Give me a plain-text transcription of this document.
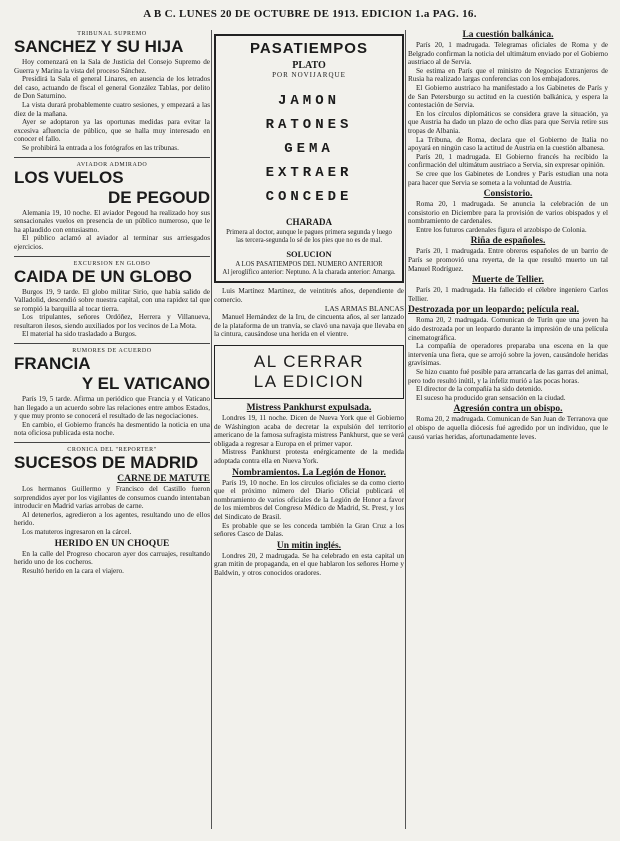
A B C. LUNES 20 DE OCTUBRE DE 1913. EDICION 1.a PAG. 16.
TRIBUNAL SUPREMO
SANCHEZ Y SU HIJA

Hoy comenzará en la Sala de Justicia del Consejo Supremo de Guerra y Marina la vista del proceso Sánchez.

Presidirá la Sala el general Linares, en ausencia de los letrados del caso, actuando de fiscal el general González Tablas, por delito de Don Saturnino.

La vista durará probablemente cuatro sesiones, y empezará a las diez de la mañana.

Ayer se adoptaron ya las oportunas medidas para evitar la excesiva afluencia de público, que se halla muy interesado en conocer el fallo.

Se prohibirá la entrada a los fotógrafos en las tribunas.

AVIADOR ADMIRADO
LOS VUELOS
DE PEGOUD

Alemania 19, 10 noche. El aviador Pegoud ha realizado hoy sus sensacionales vuelos en presencia de un público numeroso, que le ha aplaudido con entusiasmo.

El público aclamó al aviador al terminar sus arriesgados ejercicios.

EXCURSION EN GLOBO
CAIDA DE UN GLOBO

Burgos 19, 9 tarde. El globo militar Sirio, que había salido de Valladolid, descendió sobre nuestra capital, con una rapidez tal que se rompió la barquilla al tocar tierra.

Los tripulantes, señores Ordóñez, Herrera y Villanueva, resultaron ilesos, siendo auxiliados por los vecinos de La Mota.

El material ha sido trasladado a Burgos.

RUMORES DE ACUERDO
FRANCIA
Y EL VATICANO

París 19, 5 tarde. Afirma un periódico que Francia y el Vaticano han llegado a un acuerdo sobre las relaciones entre ambos Estados, y que muy pronto se conocerá el resultado de las negociaciones.

En cambio, el Gobierno francés ha desmentido la noticia en una nota oficiosa publicada esta noche.

CRONICA DEL "REPORTER"
SUCESOS DE MADRID
CARNE DE MATUTE

Los hermanos Guillermo y Francisco del Castillo fueron sorprendidos ayer por los vigilantes de consumos cuando intentaban introducir en Madrid varias arrobas de carne.

Al detenerlos, agredieron a los agentes, resultando uno de ellos herido.

Los matuteros ingresaron en la cárcel.

HERIDO EN UN CHOQUE

En la calle del Progreso chocaron ayer dos carruajes, resultando herido uno de los cocheros.

Resultó herido en la cara el viajero.

PASATIEMPOS
PLATO
POR NOVIJARQUE
JAMON
RATONES
GEMA
EXTRAER
CONCEDE
CHARADA

Primera al doctor, aunque le pagues primera segunda y luego las tercera-segunda lo sé de los pies que no es de mal.

SOLUCION

A LOS PASATIEMPOS DEL NUMERO ANTERIOR

Al jeroglífico anterior: Neptuno. A la charada anterior: Amarga.

Luis Martínez Martínez, de veintitrés años, dependiente de comercio.

LAS ARMAS BLANCAS

Manuel Hernández de la Iru, de cincuenta años, al ser lanzado de la plataforma de un tranvía, se clavó una navaja que llevaba en la cintura, causándose una herida en el vientre.

AL CERRAR
LA EDICION
Mistress Pankhurst expulsada.

Londres 19, 11 noche. Dicen de Nueva York que el Gobierno de Wáshington acaba de decretar la expulsión del territorio americano de la famosa sufragista mistress Pankhurst, que se verá obligada a regresar a Europa en el primer vapor.

Mistress Pankhurst protesta enérgicamente de la medida adoptada contra ella en Nueva York.

Nombramientos. La Legión de Honor.

París 19, 10 noche. En los círculos oficiales se da como cierto que el próximo número del Diario Oficial publicará el nombramiento de varios oficiales de la Legión de Honor a favor de los miembros del Congreso Médico de Madrid, St. Prest, y los del Sindicato de Brasil.

Es probable que se les conceda también la Gran Cruz a los señores Casco de Dalas.

Un mitin inglés.

Londres 20, 2 madrugada. Se ha celebrado en esta capital un gran mitin de propaganda, en el que hablaron los señores Horne y Baldwin, y otros conocidos oradores.

La cuestión balkánica.

París 20, 1 madrugada. Telegramas oficiales de Roma y de Belgrado confirman la noticia del ultimátum enviado por el Gobierno austriaco al de Servia.

Se estima en París que el ministro de Negocios Extranjeros de Rusia ha realizado largas conferencias con los embajadores.

El Gobierno austriaco ha manifestado a los Gabinetes de París y de San Petersburgo su actitud en la cuestión balkánica, y espera la contestación de Servia.

En los círculos diplomáticos se considera grave la situación, ya que Austria ha dado un plazo de ocho días para que Servia retire sus tropas de Albania.

La Tribuna, de Roma, declara que el Gobierno de Italia no apoyará en ningún caso la actitud de Austria en la cuestión albanesa.

París 20, 1 madrugada. El Gobierno francés ha recibido la confirmación del ultimátum austriaco a Servia, sin expresar opinión.

Se cree que los Gabinetes de Londres y París estudian una nota para hacer que Servia se someta a la voluntad de Austria.

Consistorio.

Roma 20, 1 madrugada. Se anuncia la celebración de un consistorio en Diciembre para la provisión de varios obispados y el nombramiento de cardenales.

Entre los futuros cardenales figura el arzobispo de Colonia.

Riña de españoles.

París 20, 1 madrugada. Entre obreros españoles de un barrio de París se promovió una reyerta, de la que resultó muerto un tal Manuel Rodríguez.

Muerte de Tellier.

París 20, 1 madrugada. Ha fallecido el célebre ingeniero Carlos Tellier.

Destrozada por un leopardo; película real.

Roma 20, 2 madrugada. Comunican de Turín que una joven ha sido destrozada por un leopardo durante la impresión de una película cinematográfica.

La compañía de operadores preparaba una escena en la que intervenía una fiera, que se arrojó sobre la joven, causándole heridas gravísimas.

Se hizo cuanto fué posible para arrancarla de las garras del animal, pero todo resultó inútil, y la infeliz murió a las pocas horas.

El director de la compañía ha sido detenido.

El suceso ha producido gran sensación en la ciudad.

Agresión contra un obispo.

Roma 20, 2 madrugada. Comunican de San Juan de Terranova que el obispo de aquella diócesis fué agredido por un individuo, que le causó varias heridas, afortunadamente leves.
